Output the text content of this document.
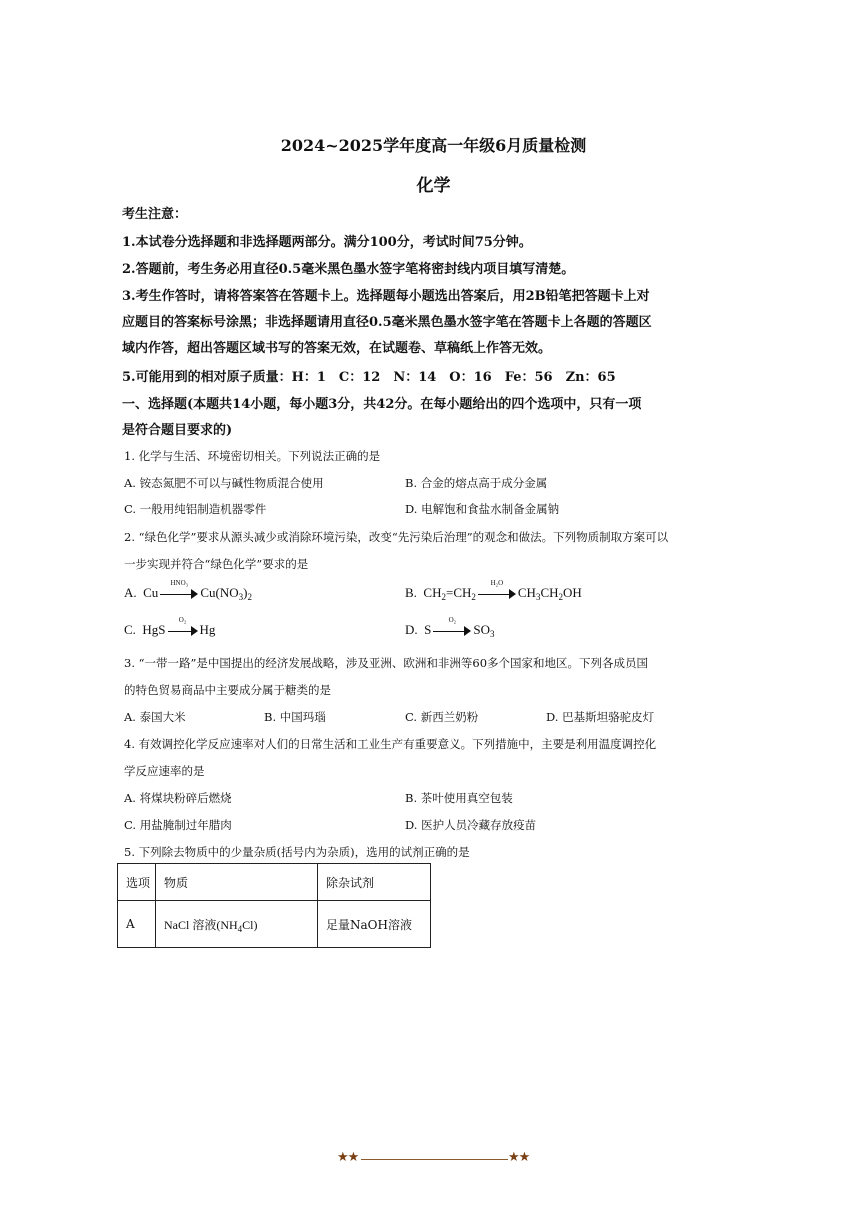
2024~2025学年度高一年级6月质量检测
化学
考生注意：
1.本试卷分选择题和非选择题两部分。满分100分，考试时间75分钟。
2.答题前，考生务必用直径0.5毫米黑色墨水签字笔将密封线内项目填写清楚。
3.考生作答时，请将答案答在答题卡上。选择题每小题选出答案后，用2B铅笔把答题卡上对
应题目的答案标号涂黑；非选择题请用直径0.5毫米黑色墨水签字笔在答题卡上各题的答题区
域内作答，超出答题区域书写的答案无效，在试题卷、草稿纸上作答无效。
5.可能用到的相对原子质量：H：1　C：12　N：14　O：16　Fe：56　Zn：65
一、选择题(本题共14小题，每小题3分，共42分。在每小题给出的四个选项中，只有一项
是符合题目要求的)
1. 化学与生活、环境密切相关。下列说法正确的是
A. 铵态氮肥不可以与碱性物质混合使用	B. 合金的熔点高于成分金属
C. 一般用纯铝制造机器零件	D. 电解饱和食盐水制备金属钠
2. “绿色化学”要求从源头减少或消除环境污染，改变“先污染后治理”的观念和做法。下列物质制取方案可以
一步实现并符合“绿色化学”要求的是
A. Cu
HNO₃
$Cu(NO_3)_2$	B. $CH_2=CH_2$
H₂O
$CH_3CH_2OH$
C. HgS
O₂
Hg	D. S
O₂
$SO_3$
3. “一带一路”是中国提出的经济发展战略，涉及亚洲、欧洲和非洲等60多个国家和地区。下列各成员国
的特色贸易商品中主要成分属于糖类的是
A. 泰国大米	B. 中国玛瑙	C. 新西兰奶粉	D. 巴基斯坦骆驼皮灯
4. 有效调控化学反应速率对人们的日常生活和工业生产有重要意义。下列措施中，主要是利用温度调控化
学反应速率的是
A. 将煤块粉碎后燃烧	B. 茶叶使用真空包装
C. 用盐腌制过年腊肉	D. 医护人员冷藏存放疫苗
5. 下列除去物质中的少量杂质(括号内为杂质)，选用的试剂正确的是
选项	物质	除杂试剂
A	NaCl 溶液$(NH_4Cl)$	足量NaOH溶液
★★	★★
